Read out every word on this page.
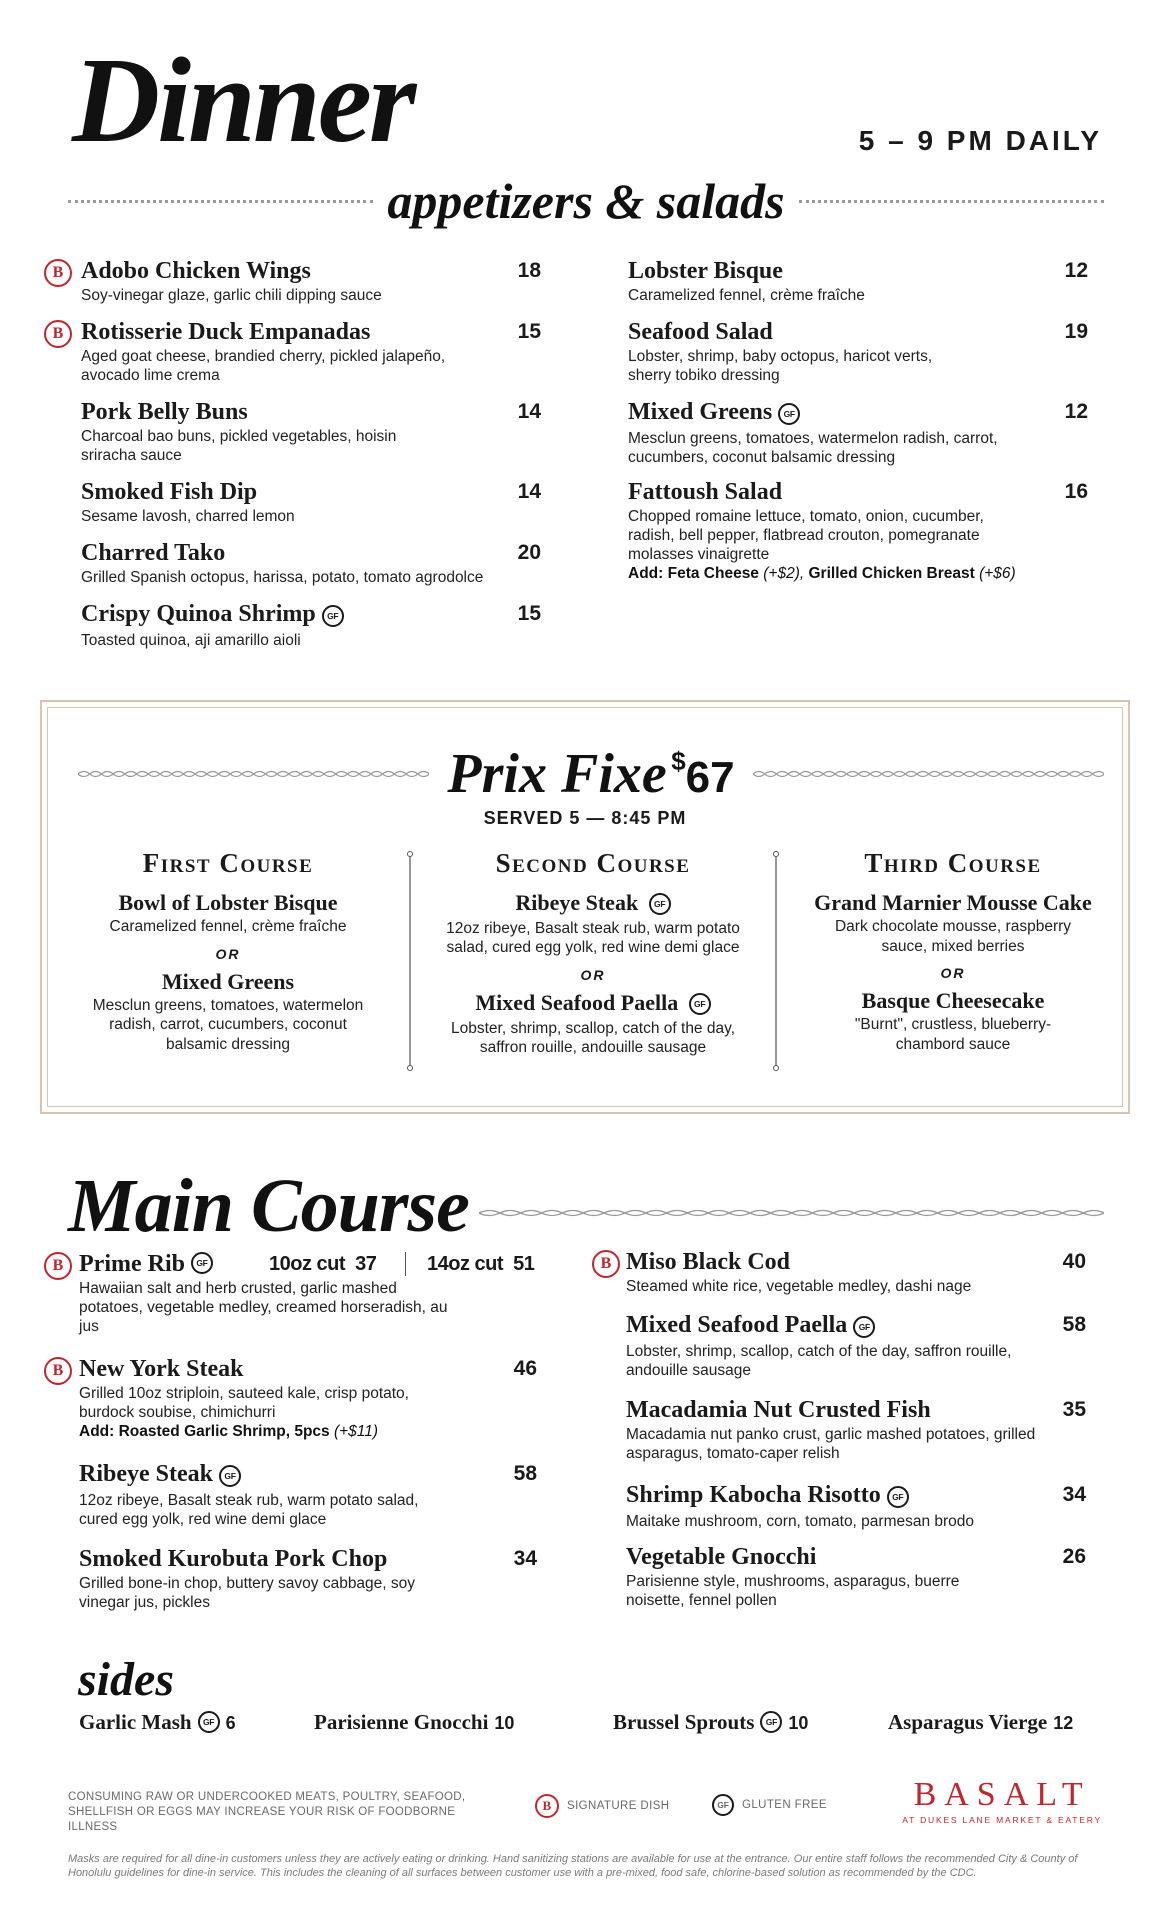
Dinner	5 – 9 PM DAILY
appetizers & salads
B Adobo Chicken Wings	18
Soy-vinegar glaze, garlic chili dipping sauce
B Rotisserie Duck Empanadas	15
Aged goat cheese, brandied cherry, pickled jalapeño, avocado lime crema
Pork Belly Buns	14
Charcoal bao buns, pickled vegetables, hoisin sriracha sauce
Smoked Fish Dip	14
Sesame lavosh, charred lemon
Charred Tako	20
Grilled Spanish octopus, harissa, potato, tomato agrodolce
Crispy Quinoa Shrimp	GF	15
Toasted quinoa, aji amarillo aioli
Lobster Bisque	12
Caramelized fennel, crème fraîche
Seafood Salad	19
Lobster, shrimp, baby octopus, haricot verts, sherry tobiko dressing
Mixed Greens	GF	12
Mesclun greens, tomatoes, watermelon radish, carrot, cucumbers, coconut balsamic dressing
Fattoush Salad	16
Chopped romaine lettuce, tomato, onion, cucumber, radish, bell pepper, flatbread crouton, pomegranate molasses vinaigrette
Add: Feta Cheese (+$2), Grilled Chicken Breast (+$6)
Prix Fixe $67
SERVED 5 — 8:45 PM
First Course
Bowl of Lobster Bisque
Caramelized fennel, crème fraîche
OR
Mixed Greens
Mesclun greens, tomatoes, watermelon radish, carrot, cucumbers, coconut balsamic dressing
Second Course
Ribeye Steak GF
12oz ribeye, Basalt steak rub, warm potato salad, cured egg yolk, red wine demi glace
OR
Mixed Seafood Paella GF
Lobster, shrimp, scallop, catch of the day, saffron rouille, andouille sausage
Third Course
Grand Marnier Mousse Cake
Dark chocolate mousse, raspberry sauce, mixed berries
OR
Basque Cheesecake
"Burnt", crustless, blueberry-chambord sauce
Main Course
B Prime Rib	GF	10oz cut 37	14oz cut 51
Hawaiian salt and herb crusted, garlic mashed potatoes, vegetable medley, creamed horseradish, au jus
B New York Steak	46
Grilled 10oz striploin, sauteed kale, crisp potato, burdock soubise, chimichurri
Add: Roasted Garlic Shrimp, 5pcs (+$11)
Ribeye Steak	GF	58
12oz ribeye, Basalt steak rub, warm potato salad, cured egg yolk, red wine demi glace
Smoked Kurobuta Pork Chop	34
Grilled bone-in chop, buttery savoy cabbage, soy vinegar jus, pickles
B Miso Black Cod	40
Steamed white rice, vegetable medley, dashi nage
Mixed Seafood Paella	GF	58
Lobster, shrimp, scallop, catch of the day, saffron rouille, andouille sausage
Macadamia Nut Crusted Fish	35
Macadamia nut panko crust, garlic mashed potatoes, grilled asparagus, tomato-caper relish
Shrimp Kabocha Risotto	GF	34
Maitake mushroom, corn, tomato, parmesan brodo
Vegetable Gnocchi	26
Parisienne style, mushrooms, asparagus, buerre noisette, fennel pollen
sides
Garlic Mash GF 6	Parisienne Gnocchi 10	Brussel Sprouts GF 10	Asparagus Vierge 12
CONSUMING RAW OR UNDERCOOKED MEATS, POULTRY, SEAFOOD, SHELLFISH OR EGGS MAY INCREASE YOUR RISK OF FOODBORNE ILLNESS
B SIGNATURE DISH	GF	GLUTEN FREE	BASALT
AT DUKES LANE MARKET & EATERY
Masks are required for all dine-in customers unless they are actively eating or drinking. Hand sanitizing stations are available for use at the entrance. Our entire staff follows the recommended City & County of Honolulu guidelines for dine-in service. This includes the cleaning of all surfaces between customer use with a pre-mixed, food safe, chlorine-based solution as recommended by the CDC.
